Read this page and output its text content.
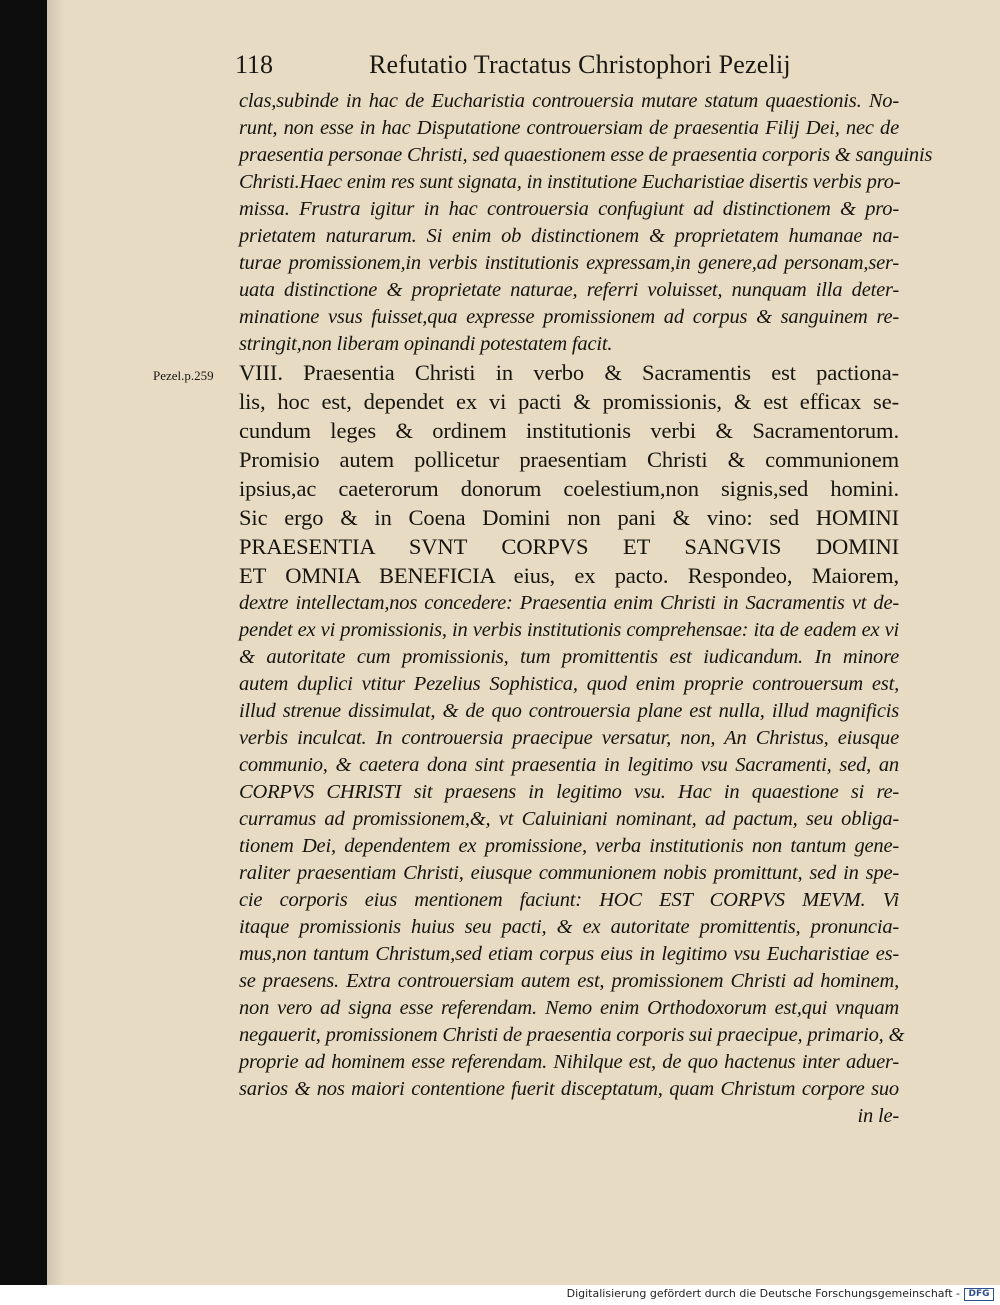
118	Refutatio Tractatus Christophori Pezelij
Pezel.p.259
clas,subinde in hac de Eucharistia controuersia mutare statum quaestionis. No-
runt, non esse in hac Disputatione controuersiam de praesentia Filij Dei, nec de
praesentia personae Christi, sed quaestionem esse de praesentia corporis & sanguinis
Christi.Haec enim res sunt signata, in institutione Eucharistiae disertis verbis pro-
missa. Frustra igitur in hac controuersia confugiunt ad distinctionem & pro-
prietatem naturarum. Si enim ob distinctionem & proprietatem humanae na-
turae promissionem,in verbis institutionis expressam,in genere,ad personam,ser-
uata distinctione & proprietate naturae, referri voluisset, nunquam illa deter-
minatione vsus fuisset,qua expresse promissionem ad corpus & sanguinem re-
stringit,non liberam opinandi potestatem facit.
VIII. Praesentia Christi in verbo & Sacramentis est pactiona-
lis, hoc est, dependet ex vi pacti & promissionis, & est efficax se-
cundum leges & ordinem institutionis verbi & Sacramentorum.
Promisio autem pollicetur praesentiam Christi & communionem
ipsius,ac caeterorum donorum coelestium,non signis,sed homini.
Sic ergo & in Coena Domini non pani & vino: sed HOMINI
PRAESENTIA SVNT CORPVS ET SANGVIS DOMINI
ET OMNIA BENEFICIA eius, ex pacto. Respondeo, Maiorem,
dextre intellectam,nos concedere: Praesentia enim Christi in Sacramentis vt de-
pendet ex vi promissionis, in verbis institutionis comprehensae: ita de eadem ex vi
& autoritate cum promissionis, tum promittentis est iudicandum. In minore
autem duplici vtitur Pezelius Sophistica, quod enim proprie controuersum est,
illud strenue dissimulat, & de quo controuersia plane est nulla, illud magnificis
verbis inculcat. In controuersia praecipue versatur, non, An Christus, eiusque
communio, & caetera dona sint praesentia in legitimo vsu Sacramenti, sed, an
CORPVS CHRISTI sit praesens in legitimo vsu. Hac in quaestione si re-
curramus ad promissionem,&, vt Caluiniani nominant, ad pactum, seu obliga-
tionem Dei, dependentem ex promissione, verba institutionis non tantum gene-
raliter praesentiam Christi, eiusque communionem nobis promittunt, sed in spe-
cie corporis eius mentionem faciunt: HOC EST CORPVS MEVM. Vi
itaque promissionis huius seu pacti, & ex autoritate promittentis, pronuncia-
mus,non tantum Christum,sed etiam corpus eius in legitimo vsu Eucharistiae es-
se praesens. Extra controuersiam autem est, promissionem Christi ad hominem,
non vero ad signa esse referendam. Nemo enim Orthodoxorum est,qui vnquam
negauerit, promissionem Christi de praesentia corporis sui praecipue, primario, &
proprie ad hominem esse referendam. Nihilque est, de quo hactenus inter aduer-
sarios & nos maiori contentione fuerit disceptatum, quam Christum corpore suo
in le-
Digitalisierung gefördert durch die Deutsche Forschungsgemeinschaft - DFG
